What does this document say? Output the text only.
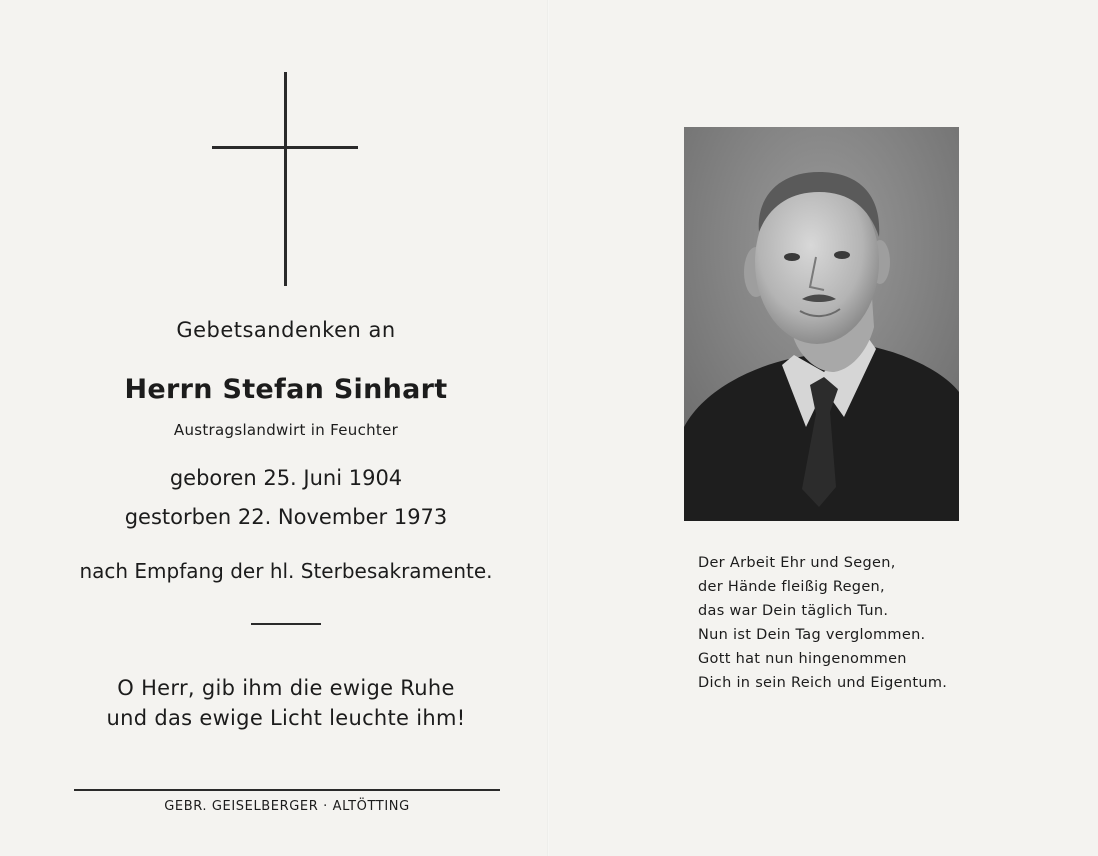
Gebetsandenken an
Herrn Stefan Sinhart
Austragslandwirt in Feuchter
geboren 25. Juni 1904
gestorben 22. November 1973
nach Empfang der hl. Sterbesakramente.
O Herr, gib ihm die ewige Ruhe
und das ewige Licht leuchte ihm!
GEBR. GEISELBERGER · ALTÖTTING
Der Arbeit Ehr und Segen,
der Hände fleißig Regen,
das war Dein täglich Tun.
Nun ist Dein Tag verglommen.
Gott hat nun hingenommen
Dich in sein Reich und Eigentum.
